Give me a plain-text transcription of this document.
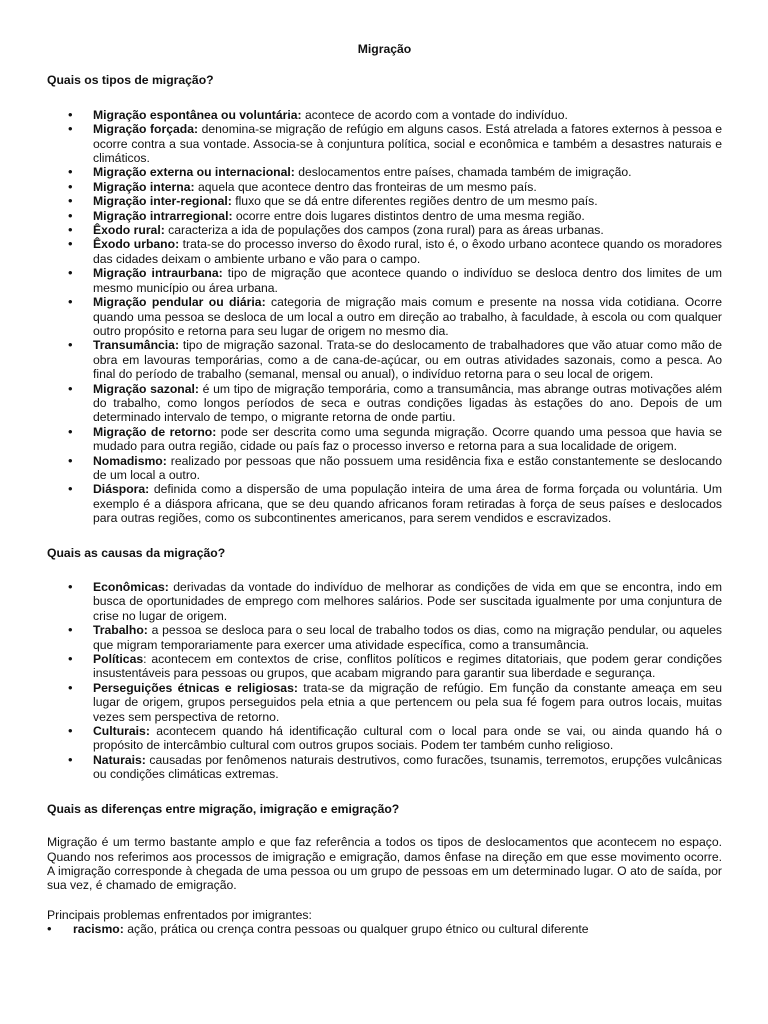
Migração
Quais os tipos de migração?
• Migração espontânea ou voluntária: acontece de acordo com a vontade do indivíduo.
• Migração forçada: denomina-se migração de refúgio em alguns casos. Está atrelada a fatores externos à pessoa e ocorre contra a sua vontade. Associa-se à conjuntura política, social e econômica e também a desastres naturais e climáticos.
• Migração externa ou internacional: deslocamentos entre países, chamada também de imigração.
• Migração interna: aquela que acontece dentro das fronteiras de um mesmo país.
• Migração inter-regional: fluxo que se dá entre diferentes regiões dentro de um mesmo país.
• Migração intrarregional: ocorre entre dois lugares distintos dentro de uma mesma região.
• Êxodo rural: caracteriza a ida de populações dos campos (zona rural) para as áreas urbanas.
• Êxodo urbano: trata-se do processo inverso do êxodo rural, isto é, o êxodo urbano acontece quando os moradores das cidades deixam o ambiente urbano e vão para o campo.
• Migração intraurbana: tipo de migração que acontece quando o indivíduo se desloca dentro dos limites de um mesmo município ou área urbana.
• Migração pendular ou diária: categoria de migração mais comum e presente na nossa vida cotidiana. Ocorre quando uma pessoa se desloca de um local a outro em direção ao trabalho, à faculdade, à escola ou com qualquer outro propósito e retorna para seu lugar de origem no mesmo dia.
• Transumância: tipo de migração sazonal. Trata-se do deslocamento de trabalhadores que vão atuar como mão de obra em lavouras temporárias, como a de cana-de-açúcar, ou em outras atividades sazonais, como a pesca. Ao final do período de trabalho (semanal, mensal ou anual), o indivíduo retorna para o seu local de origem.
• Migração sazonal: é um tipo de migração temporária, como a transumância, mas abrange outras motivações além do trabalho, como longos períodos de seca e outras condições ligadas às estações do ano. Depois de um determinado intervalo de tempo, o migrante retorna de onde partiu.
• Migração de retorno: pode ser descrita como uma segunda migração. Ocorre quando uma pessoa que havia se mudado para outra região, cidade ou país faz o processo inverso e retorna para a sua localidade de origem.
• Nomadismo: realizado por pessoas que não possuem uma residência fixa e estão constantemente se deslocando de um local a outro.
• Diáspora: definida como a dispersão de uma população inteira de uma área de forma forçada ou voluntária. Um exemplo é a diáspora africana, que se deu quando africanos foram retiradas à força de seus países e deslocados para outras regiões, como os subcontinentes americanos, para serem vendidos e escravizados.
Quais as causas da migração?
• Econômicas: derivadas da vontade do indivíduo de melhorar as condições de vida em que se encontra, indo em busca de oportunidades de emprego com melhores salários. Pode ser suscitada igualmente por uma conjuntura de crise no lugar de origem.
• Trabalho: a pessoa se desloca para o seu local de trabalho todos os dias, como na migração pendular, ou aqueles que migram temporariamente para exercer uma atividade específica, como a transumância.
• Políticas: acontecem em contextos de crise, conflitos políticos e regimes ditatoriais, que podem gerar condições insustentáveis para pessoas ou grupos, que acabam migrando para garantir sua liberdade e segurança.
• Perseguições étnicas e religiosas: trata-se da migração de refúgio. Em função da constante ameaça em seu lugar de origem, grupos perseguidos pela etnia a que pertencem ou pela sua fé fogem para outros locais, muitas vezes sem perspectiva de retorno.
• Culturais: acontecem quando há identificação cultural com o local para onde se vai, ou ainda quando há o propósito de intercâmbio cultural com outros grupos sociais. Podem ter também cunho religioso.
• Naturais: causadas por fenômenos naturais destrutivos, como furacões, tsunamis, terremotos, erupções vulcânicas ou condições climáticas extremas.
Quais as diferenças entre migração, imigração e emigração?

Migração é um termo bastante amplo e que faz referência a todos os tipos de deslocamentos que acontecem no espaço. Quando nos referimos aos processos de imigração e emigração, damos ênfase na direção em que esse movimento ocorre. A imigração corresponde à chegada de uma pessoa ou um grupo de pessoas em um determinado lugar. O ato de saída, por sua vez, é chamado de emigração.

Principais problemas enfrentados por imigrantes:

• racismo: ação, prática ou crença contra pessoas ou qualquer grupo étnico ou cultural diferente
